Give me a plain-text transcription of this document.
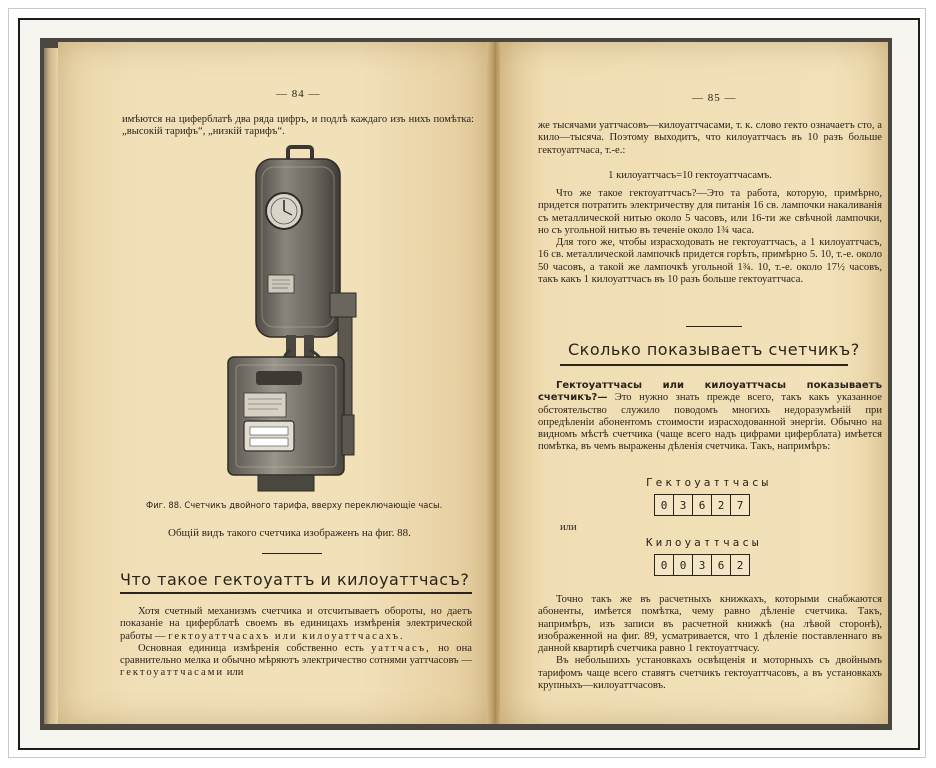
— 84 —

имѣются на циферблатѣ два ряда цифръ, и подлѣ каждаго изъ нихъ помѣтка: „высокій тарифъ“, „низкій тарифъ“.

Фиг. 88. Счетчикъ двойного тарифа, вверху переключающіе часы.

Общій видъ такого счетчика изображенъ на фиг. 88.

Что такое гектоуаттъ и килоуаттчасъ?

Хотя счетный механизмъ счетчика и отсчитываетъ обороты, но даетъ показаніе на циферблатѣ своемъ въ единицахъ измѣренія электрической работы — гектоуаттчасахъ или килоуаттчасахъ.

Основная единица измѣренія собственно есть уаттчасъ, но она сравнительно мелка и обычно мѣряютъ электричество сотнями уаттчасовъ — гектоуаттчасами или

— 85 —

же тысячами уаттчасовъ—килоуаттчасами, т. к. слово гекто означаетъ сто, а кило—тысяча. Поэтому выходитъ, что килоуаттчасъ въ 10 разъ больше гектоуаттчаса, т.-е.:

1 килоуаттчасъ=10 гектоуаттчасамъ.

Что же такое гектоуаттчасъ?—Это та работа, которую, примѣрно, придется потратить электричеству для питанія 16 св. лампочки накаливанія съ металлической нитью около 5 часовъ, или 16-ти же свѣчной лампочки, но съ угольной нитью въ теченіе около 1¾ часа.

Для того же, чтобы израсходовать не гектоуаттчасъ, а 1 килоуаттчасъ, 16 св. металлической лампочкѣ придется горѣть, примѣрно 5. 10, т.-е. около 50 часовъ, а такой же лампочкѣ угольной 1¾. 10, т.-е. около 17½ часовъ, такъ какъ 1 килоуаттчасъ въ 10 разъ больше гектоуаттчаса.

Сколько показываетъ счетчикъ?

Гектоуаттчасы или килоуаттчасы показываетъ счетчикъ?— Это нужно знать прежде всего, такъ какъ указанное обстоятельство служило поводомъ многихъ недоразумѣній при опредѣленіи абонентомъ стоимости израсходованной энергіи. Обычно на видномъ мѣстѣ счетчика (чаще всего надъ цифрами циферблата) имѣется помѣтка, въ чемъ выражены дѣленія счетчика. Такъ, напримѣръ:

Гектоуаттчасы
0	3	6	2	7
или
Килоуаттчасы
0	0	3	6	2

Точно такъ же въ расчетныхъ книжкахъ, которыми снабжаются абоненты, имѣется помѣтка, чему равно дѣленіе счетчика. Такъ, напримѣръ, изъ записи въ расчетной книжкѣ (на лѣвой сторонѣ), изображенной на фиг. 89, усматривается, что 1 дѣленіе поставленнаго въ данной квартирѣ счетчика равно 1 гектоуаттчасу.

Въ небольшихъ установкахъ освѣщенія и моторныхъ съ двойнымъ тарифомъ чаще всего ставятъ счетчикъ гектоуаттчасовъ, а въ установкахъ крупныхъ—килоуаттчасовъ.
